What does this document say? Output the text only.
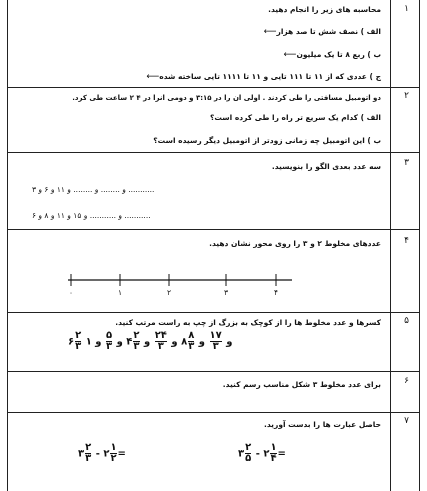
۱
محاسبه های زیر را انجام دهید.
الف ) نصف شش تا صد هزار⟵
ب ) ربع ۸ تا یک میلیون⟵
ج ) عددی که از ۱۱ تا ۱۱۱ تایی و ۱۱ تا ۱۱۱۱ تایی ساخته شده⟵
۲
دو اتومبیل مسافتی را طی کردند . اولی ان را در ۳:۱۵ و دومی انرا در ۴ ۲ ساعت طی کرد.
الف ) کدام یک سریع تر راه را طی کرده است؟
ب ) این اتومبیل چه زمانی زودتر از اتومبیل دیگر رسیده است؟
۳
سه عدد بعدی الگو را بنویسید.
........... و ........ و ........ و ۱۱ و ۶ و ۳
........... و ........... و ۱۵ و ۱۱ و ۸ و ۶
۴
عددهای مخلوط ۲ و ۳ را روی محور نشان دهید.
۰	۱	۲	۳	۴
۵
کسرها و عدد مخلوط ها را از کوچک به بزرگ از چپ به راست مرتب کنید.
۶ $\frac{۲}{۳}$ و
$\frac{۱۷}{۳}$
و
$\frac{۸}{۳}$
۸ و
$\frac{۲۴}{۳}$
و
$\frac{۲}{۳}$
۴ و
$\frac{۵}{۳}$
و ۱
۶
برای عدد مخلوط ۳ شکل مناسب رسم کنید.
۷
حاصل عبارت ها را بدست آورید.
۳ $\frac{۲}{۵}$ - ۲ $\frac{۱}{۴}$ =
۳ $\frac{۲}{۳}$ - ۲ $\frac{۱}{۲}$ =
